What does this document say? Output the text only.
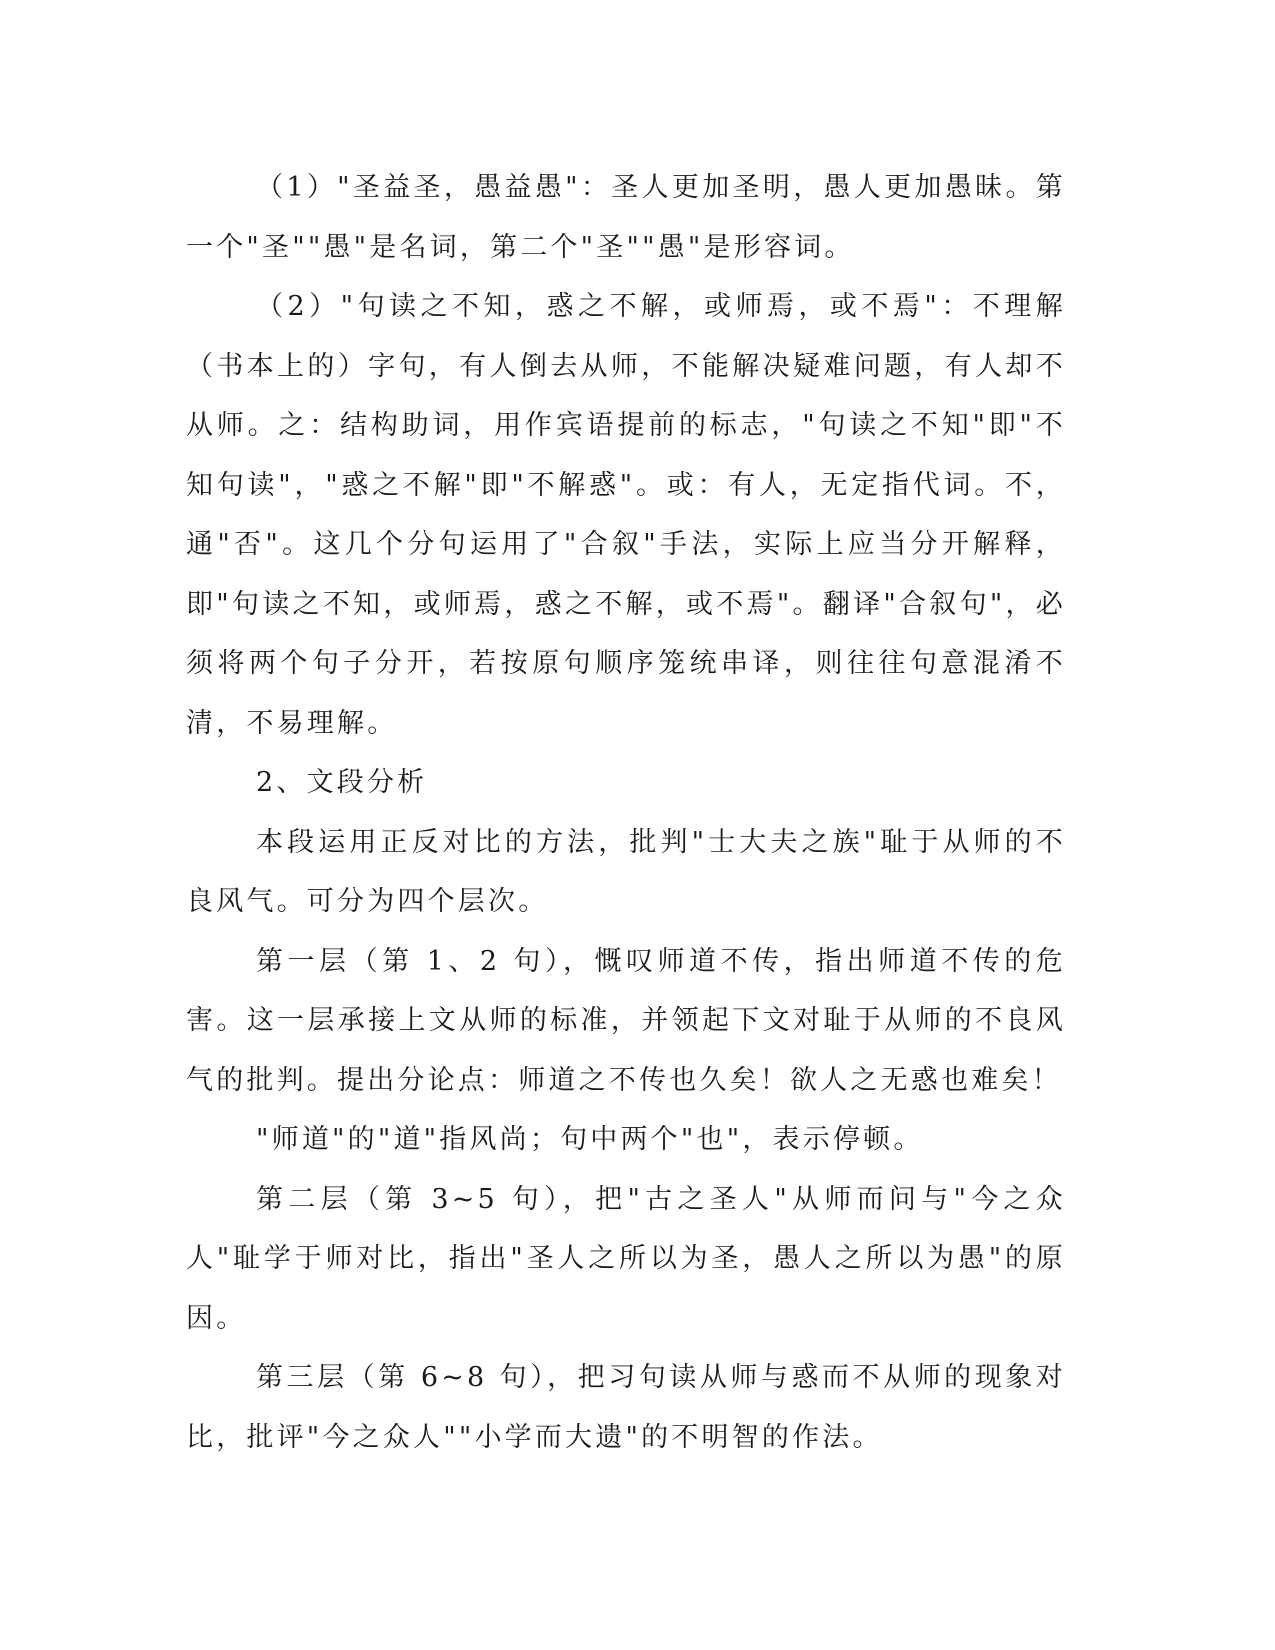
（1）"圣益圣，愚益愚"：圣人更加圣明，愚人更加愚昧。第一个"圣""愚"是名词，第二个"圣""愚"是形容词。

（2）"句读之不知，惑之不解，或师焉，或不焉"：不理解（书本上的）字句，有人倒去从师，不能解决疑难问题，有人却不从师。之：结构助词，用作宾语提前的标志，"句读之不知"即"不知句读"，"惑之不解"即"不解惑"。或：有人，无定指代词。不，通"否"。这几个分句运用了"合叙"手法，实际上应当分开解释，即"句读之不知，或师焉，惑之不解，或不焉"。翻译"合叙句"，必须将两个句子分开，若按原句顺序笼统串译，则往往句意混淆不清，不易理解。

2、文段分析

本段运用正反对比的方法，批判"士大夫之族"耻于从师的不良风气。可分为四个层次。

第一层（第 1、2 句），慨叹师道不传，指出师道不传的危害。这一层承接上文从师的标准，并领起下文对耻于从师的不良风气的批判。提出分论点：师道之不传也久矣！欲人之无惑也难矣！

"师道"的"道"指风尚；句中两个"也"，表示停顿。

第二层（第 3~5 句），把"古之圣人"从师而问与"今之众人"耻学于师对比，指出"圣人之所以为圣，愚人之所以为愚"的原因。

第三层（第 6~8 句），把习句读从师与惑而不从师的现象对比，批评"今之众人""小学而大遗"的不明智的作法。
